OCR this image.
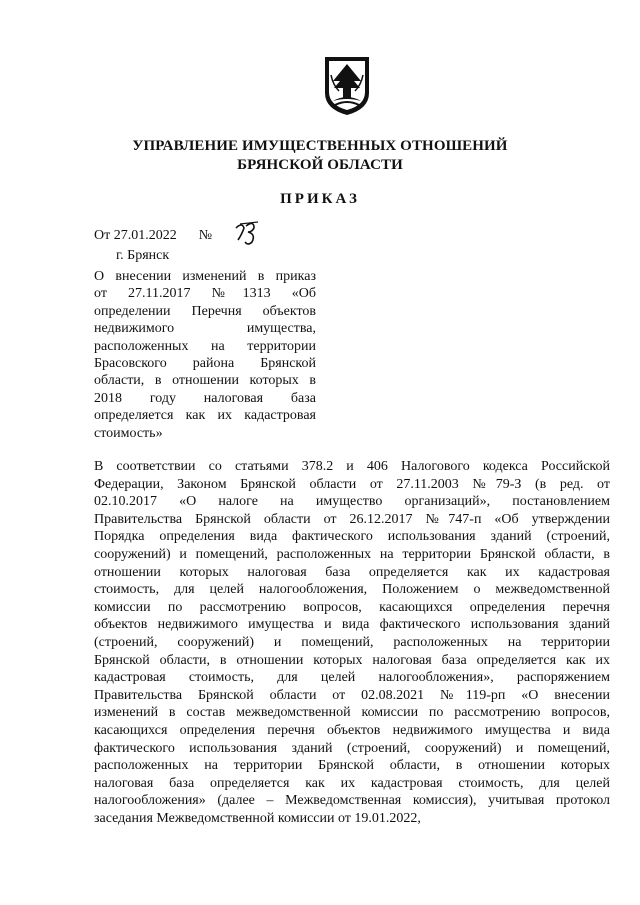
УПРАВЛЕНИЕ ИМУЩЕСТВЕННЫХ ОТНОШЕНИЙ
БРЯНСКОЙ ОБЛАСТИ
ПРИКАЗ
От 27.01.2022 №
г. Брянск
О внесении изменений в приказ
от 27.11.2017 №1313 «Об
определении Перечня объектов
недвижимого имущества,
расположенных на территории
Брасовского района Брянской
области, в отношении которых в
2018 году налоговая база
определяется как их кадастровая
стоимость»
В соответствии со статьями 378.2 и 406 Налогового кодекса Российской
Федерации, Законом Брянской области от 27.11.2003 №79-З (в ред. от
02.10.2017 «О налоге на имущество организаций», постановлением
Правительства Брянской области от 26.12.2017 №747-п «Об утверждении
Порядка определения вида фактического использования зданий (строений,
сооружений) и помещений, расположенных на территории Брянской области, в
отношении которых налоговая база определяется как их кадастровая
стоимость, для целей налогообложения, Положением о межведомственной
комиссии по рассмотрению вопросов, касающихся определения перечня
объектов недвижимого имущества и вида фактического использования зданий
(строений, сооружений) и помещений, расположенных на территории
Брянской области, в отношении которых налоговая база определяется как их
кадастровая стоимость, для целей налогообложения», распоряжением
Правительства Брянской области от 02.08.2021 №119-рп «О внесении
изменений в состав межведомственной комиссии по рассмотрению вопросов,
касающихся определения перечня объектов недвижимого имущества и вида
фактического использования зданий (строений, сооружений) и помещений,
расположенных на территории Брянской области, в отношении которых
налоговая база определяется как их кадастровая стоимость, для целей
налогообложения» (далее – Межведомственная комиссия), учитывая протокол
заседания Межведомственной комиссии от 19.01.2022,
